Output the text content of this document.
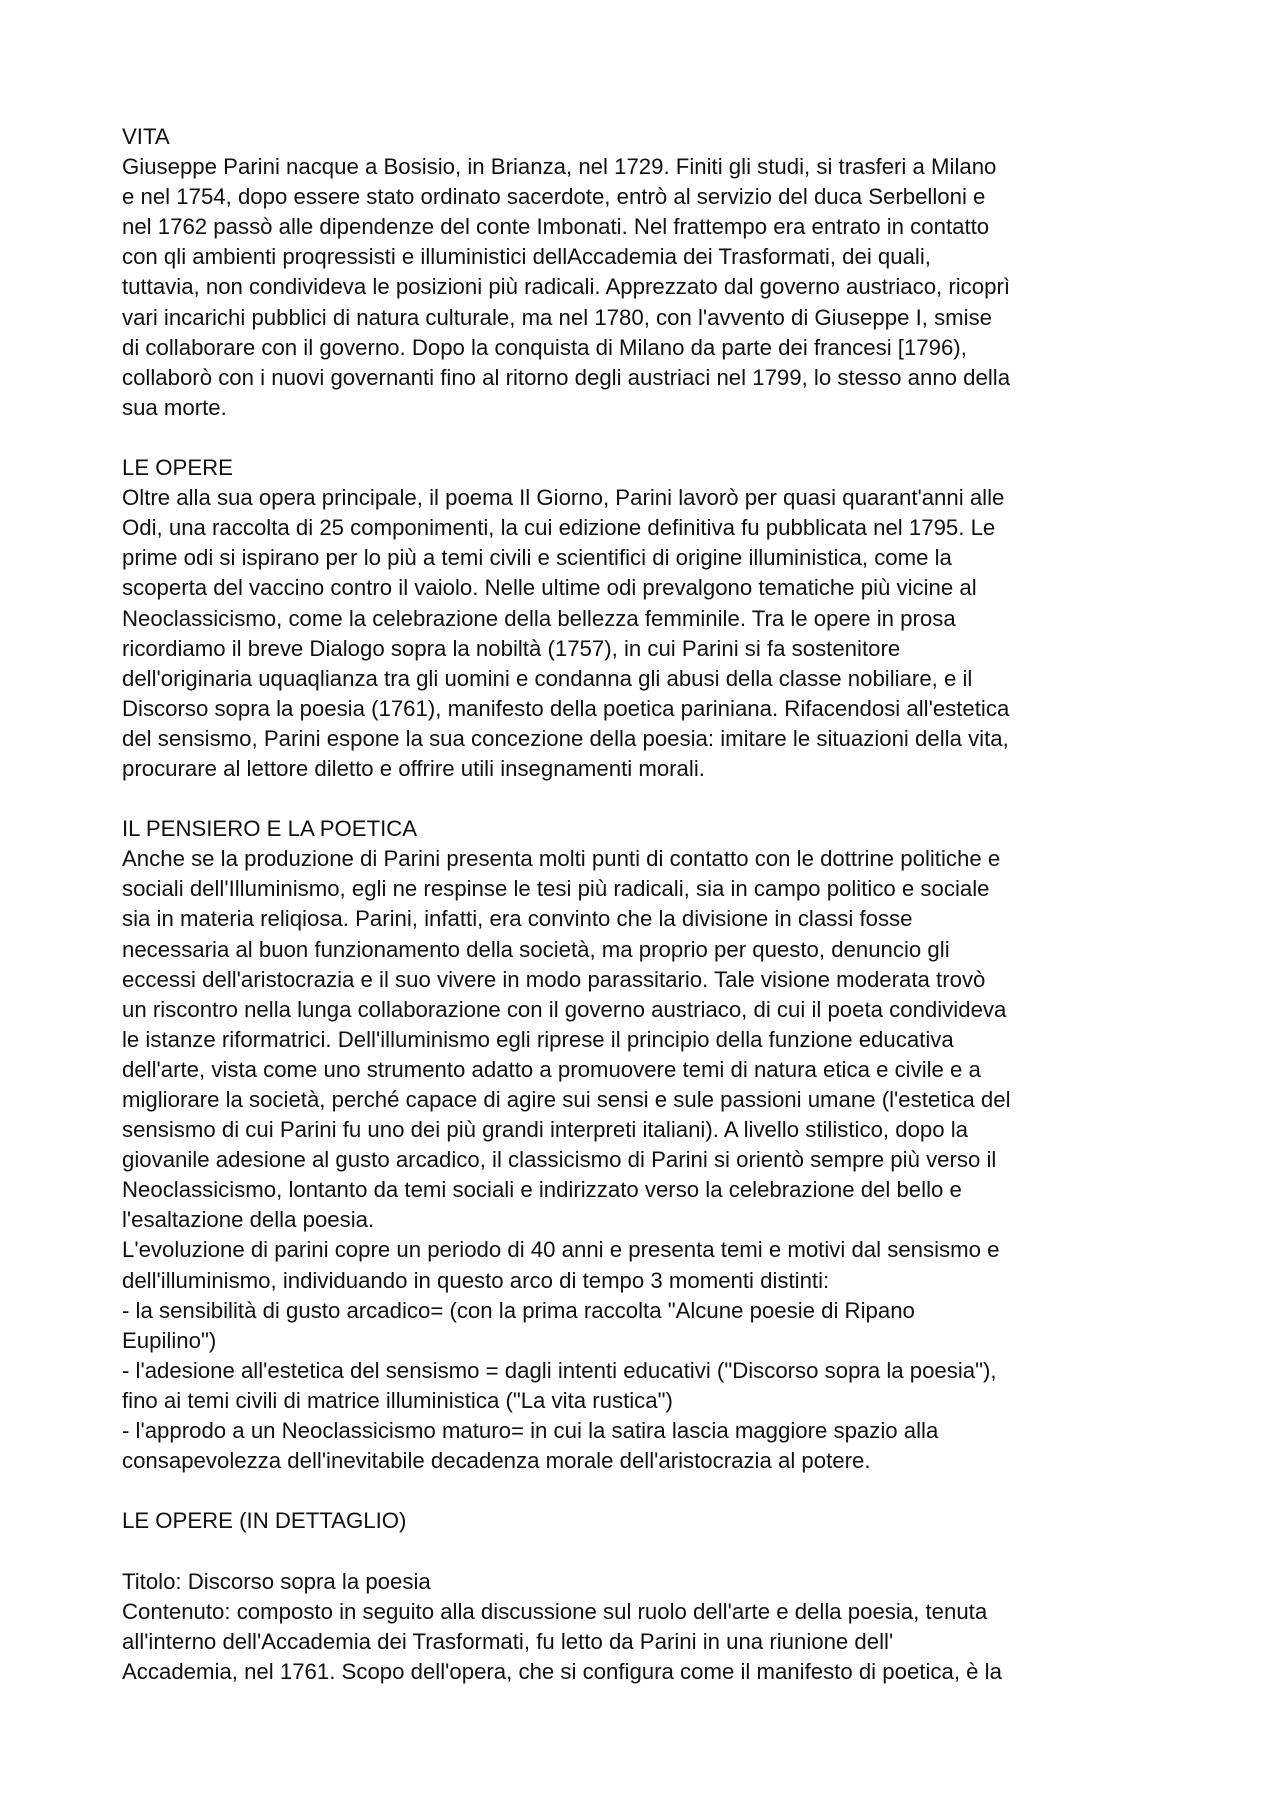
VITA
Giuseppe Parini nacque a Bosisio, in Brianza, nel 1729. Finiti gli studi, si trasferi a Milano
e nel 1754, dopo essere stato ordinato sacerdote, entrò al servizio del duca Serbelloni e
nel 1762 passò alle dipendenze del conte Imbonati. Nel frattempo era entrato in contatto
con qli ambienti proqressisti e illuministici dellAccademia dei Trasformati, dei quali,
tuttavia, non condivideva le posizioni più radicali. Apprezzato dal governo austriaco, ricoprì
vari incarichi pubblici di natura culturale, ma nel 1780, con l'avvento di Giuseppe I, smise
di collaborare con il governo. Dopo la conquista di Milano da parte dei francesi [1796),
collaborò con i nuovi governanti fino al ritorno degli austriaci nel 1799, lo stesso anno della
sua morte.
LE OPERE
Oltre alla sua opera principale, il poema Il Giorno, Parini lavorò per quasi quarant'anni alle
Odi, una raccolta di 25 componimenti, la cui edizione definitiva fu pubblicata nel 1795. Le
prime odi si ispirano per lo più a temi civili e scientifici di origine illuministica, come la
scoperta del vaccino contro il vaiolo. Nelle ultime odi prevalgono tematiche più vicine al
Neoclassicismo, come la celebrazione della bellezza femminile. Tra le opere in prosa
ricordiamo il breve Dialogo sopra la nobiltà (1757), in cui Parini si fa sostenitore
dell'originaria uquaqlianza tra gli uomini e condanna gli abusi della classe nobiliare, e il
Discorso sopra la poesia (1761), manifesto della poetica pariniana. Rifacendosi all'estetica
del sensismo, Parini espone la sua concezione della poesia: imitare le situazioni della vita,
procurare al lettore diletto e offrire utili insegnamenti morali.
IL PENSIERO E LA POETICA
Anche se la produzione di Parini presenta molti punti di contatto con le dottrine politiche e
sociali dell'Illuminismo, egli ne respinse le tesi più radicali, sia in campo politico e sociale
sia in materia reliqiosa. Parini, infatti, era convinto che la divisione in classi fosse
necessaria al buon funzionamento della società, ma proprio per questo, denuncio gli
eccessi dell'aristocrazia e il suo vivere in modo parassitario. Tale visione moderata trovò
un riscontro nella lunga collaborazione con il governo austriaco, di cui il poeta condivideva
le istanze riformatrici. Dell'illuminismo egli riprese il principio della funzione educativa
dell'arte, vista come uno strumento adatto a promuovere temi di natura etica e civile e a
migliorare la società, perché capace di agire sui sensi e sule passioni umane (l'estetica del
sensismo di cui Parini fu uno dei più grandi interpreti italiani). A livello stilistico, dopo la
giovanile adesione al gusto arcadico, il classicismo di Parini si orientò sempre più verso il
Neoclassicismo, lontanto da temi sociali e indirizzato verso la celebrazione del bello e
l'esaltazione della poesia.
L'evoluzione di parini copre un periodo di 40 anni e presenta temi e motivi dal sensismo e
dell'illuminismo, individuando in questo arco di tempo 3 momenti distinti:
- la sensibilità di gusto arcadico= (con la prima raccolta "Alcune poesie di Ripano
Eupilino")
- l'adesione all'estetica del sensismo = dagli intenti educativi ("Discorso sopra la poesia"),
fino ai temi civili di matrice illuministica ("La vita rustica")
- l'approdo a un Neoclassicismo maturo= in cui la satira lascia maggiore spazio alla
consapevolezza dell'inevitabile decadenza morale dell'aristocrazia al potere.
LE OPERE (IN DETTAGLIO)
Titolo: Discorso sopra la poesia
Contenuto: composto in seguito alla discussione sul ruolo dell'arte e della poesia, tenuta
all'interno dell'Accademia dei Trasformati, fu letto da Parini in una riunione dell'
Accademia, nel 1761. Scopo dell'opera, che si configura come il manifesto di poetica, è la
